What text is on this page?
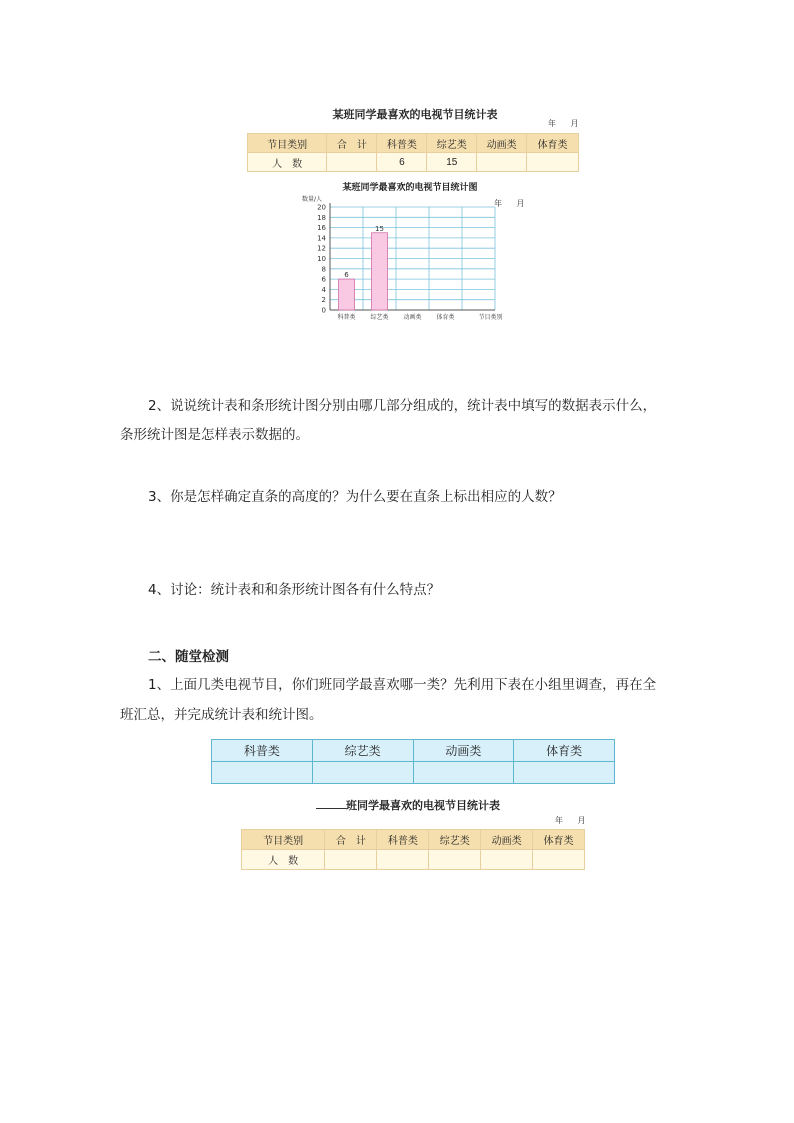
某班同学最喜欢的电视节目统计表
年 月
节目类别	合　计	科普类	综艺类	动画类	体育类
人　数		6	15		
某班同学最喜欢的电视节目统计图
年 月
数量/人
0
2
4
6
8
10
12
14
16
18
20
6
科普类
15
综艺类 动画类 体育类	节目类别
2、说说统计表和条形统计图分别由哪几部分组成的，统计表中填写的数据表示什么，
条形统计图是怎样表示数据的。
3、你是怎样确定直条的高度的？为什么要在直条上标出相应的人数？
4、讨论：统计表和和条形统计图各有什么特点？
二、随堂检测
1、上面几类电视节目，你们班同学最喜欢哪一类？先利用下表在小组里调查，再在全
班汇总，并完成统计表和统计图。
科普类	综艺类	动画类	体育类

班同学最喜欢的电视节目统计表
年 月
节目类别	合　计	科普类	综艺类	动画类	体育类
人　数					
